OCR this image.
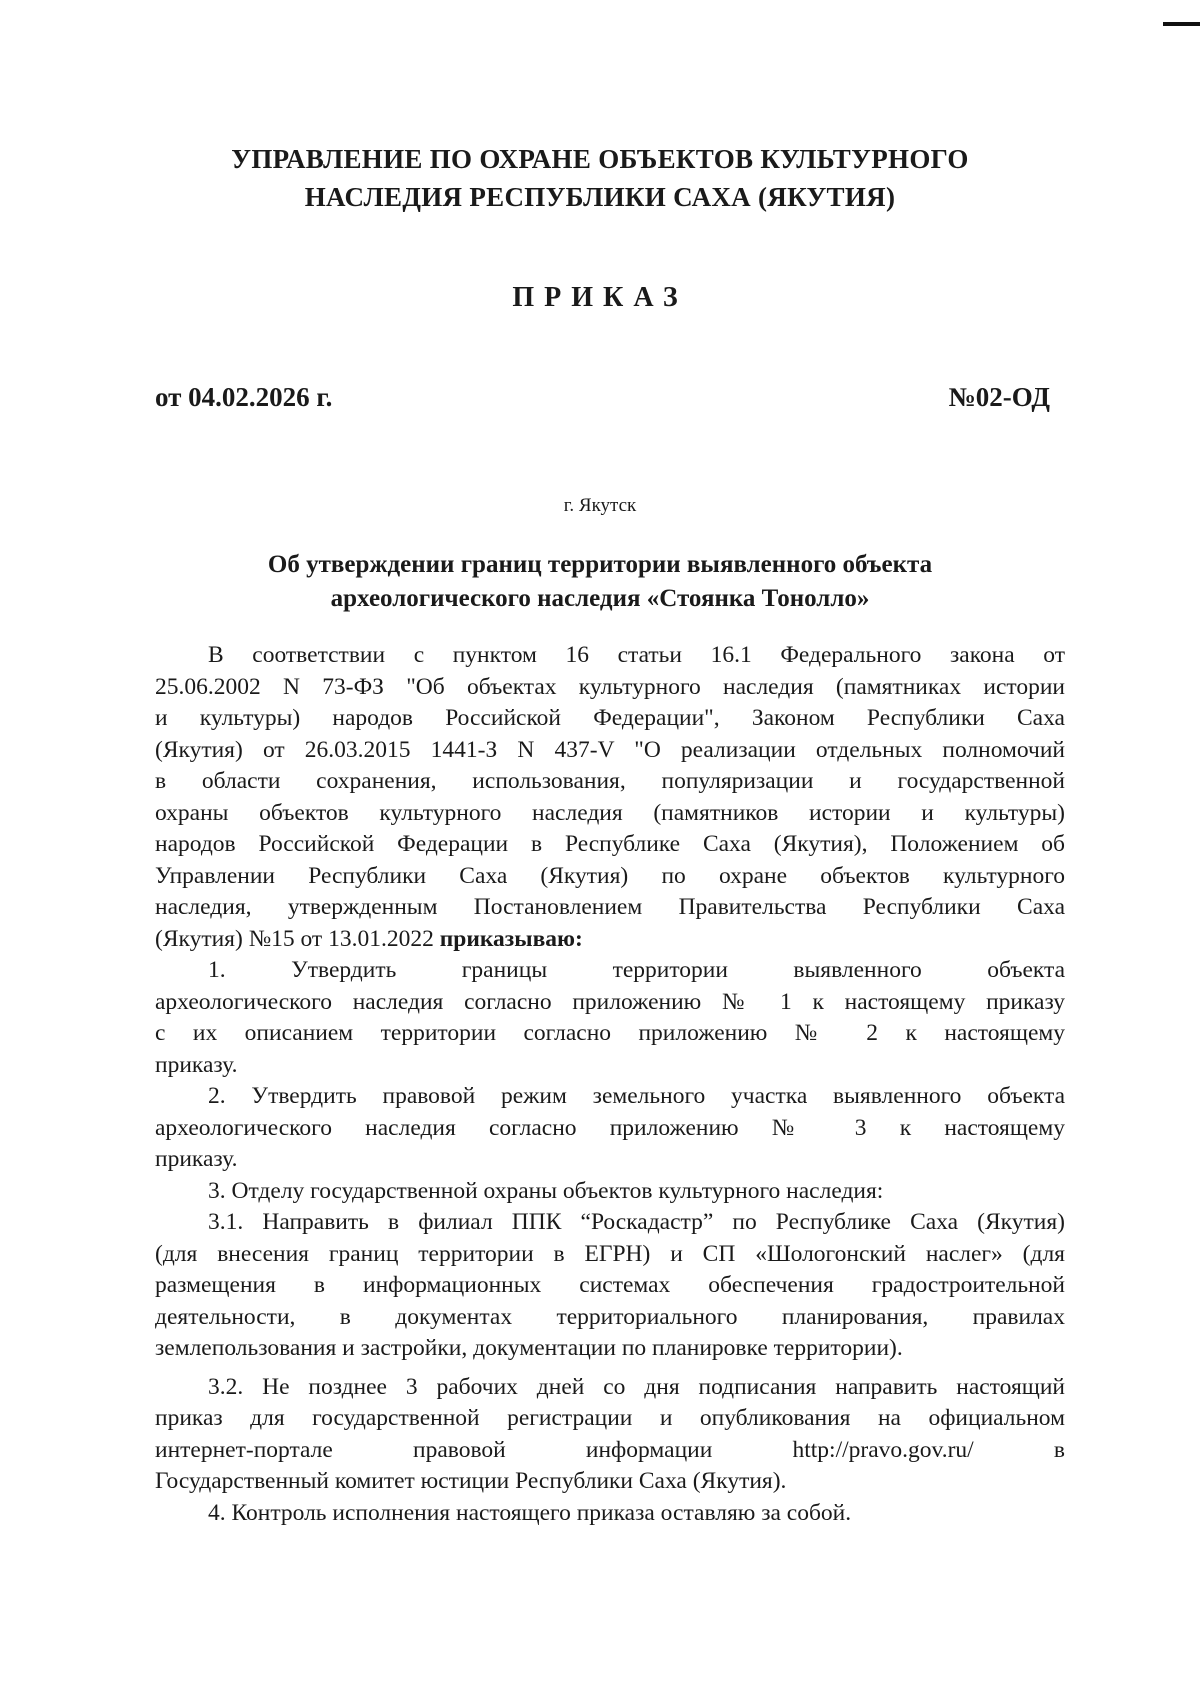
УПРАВЛЕНИЕ ПО ОХРАНЕ ОБЪЕКТОВ КУЛЬТУРНОГО
НАСЛЕДИЯ РЕСПУБЛИКИ САХА (ЯКУТИЯ)
ПРИКАЗ
от 04.02.2026 г.	№02-ОД
г. Якутск
Об утверждении границ территории выявленного объекта
археологического наследия «Стоянка Тонолло»
В соответствии с пунктом 16 статьи 16.1 Федерального закона от
25.06.2002 N 73-ФЗ "Об объектах культурного наследия (памятниках истории
и культуры) народов Российской Федерации", Законом Республики Саха
(Якутия) от 26.03.2015 1441-З N 437-V "О реализации отдельных полномочий
в области сохранения, использования, популяризации и государственной
охраны объектов культурного наследия (памятников истории и культуры)
народов Российской Федерации в Республике Саха (Якутия), Положением об
Управлении Республики Саха (Якутия) по охране объектов культурного
наследия, утвержденным Постановлением Правительства Республики Саха
(Якутия) №15 от 13.01.2022 приказываю:
1. Утвердить границы территории выявленного объекта
археологического наследия согласно приложению № 1 к настоящему приказу
с их описанием территории согласно приложению № 2 к настоящему
приказу.
2. Утвердить правовой режим земельного участка выявленного объекта
археологического наследия согласно приложению № 3 к настоящему
приказу.
3. Отделу государственной охраны объектов культурного наследия:
3.1. Направить в филиал ППК “Роскадастр” по Республике Саха (Якутия)
(для внесения границ территории в ЕГРН) и СП «Шологонский наслег» (для
размещения в информационных системах обеспечения градостроительной
деятельности, в документах территориального планирования, правилах
землепользования и застройки, документации по планировке территории).
3.2. Не позднее 3 рабочих дней со дня подписания направить настоящий
приказ для государственной регистрации и опубликования на официальном
интернет-портале правовой информации http://pravo.gov.ru/ в
Государственный комитет юстиции Республики Саха (Якутия).
4. Контроль исполнения настоящего приказа оставляю за собой.
